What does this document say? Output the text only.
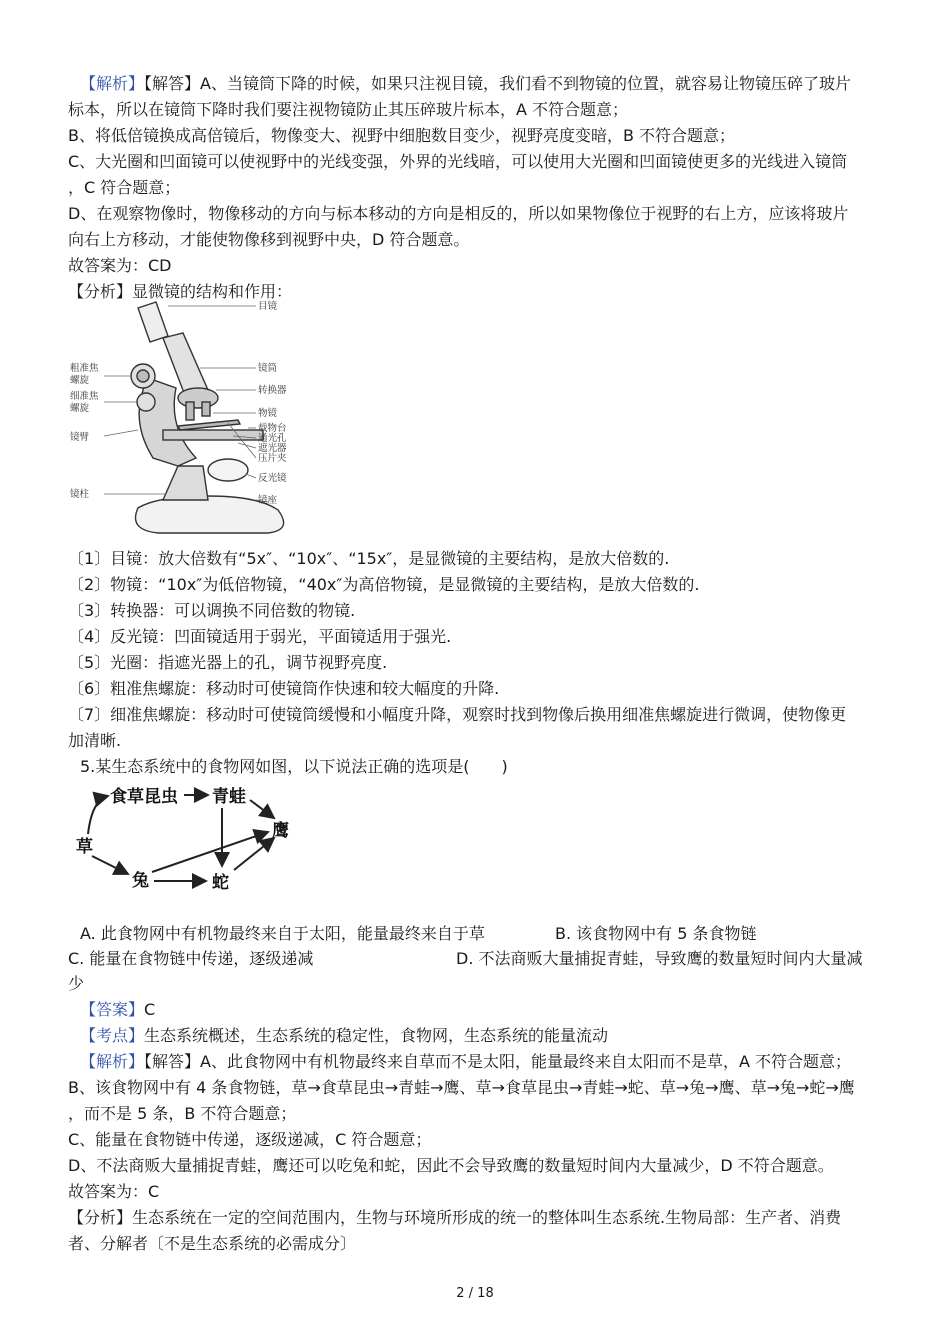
【解析】【解答】A、当镜筒下降的时候，如果只注视目镜，我们看不到物镜的位置，就容易让物镜压碎了玻片
标本，所以在镜筒下降时我们要注视物镜防止其压碎玻片标本，A 不符合题意；
B、将低倍镜换成高倍镜后，物像变大、视野中细胞数目变少，视野亮度变暗，B 不符合题意；
C、大光圈和凹面镜可以使视野中的光线变强，外界的光线暗，可以使用大光圈和凹面镜使更多的光线进入镜筒
，C 符合题意；
D、在观察物像时，物像移动的方向与标本移动的方向是相反的，所以如果物像位于视野的右上方，应该将玻片
向右上方移动，才能使物像移到视野中央，D 符合题意。
故答案为：CD
【分析】显微镜的结构和作用：
目镜
镜筒
转换器
物镜
载物台
通光孔
遮光器
压片夹
反光镜
镜座
粗准焦
螺旋
细准焦
螺旋
镜臂
镜柱
〔1〕目镜：放大倍数有“5x″、“10x″、“15x″，是显微镜的主要结构，是放大倍数的.
〔2〕物镜：“10x″为低倍物镜，“40x″为高倍物镜，是显微镜的主要结构，是放大倍数的.
〔3〕转换器：可以调换不同倍数的物镜.
〔4〕反光镜：凹面镜适用于弱光，平面镜适用于强光.
〔5〕光圈：指遮光器上的孔，调节视野亮度.
〔6〕粗准焦螺旋：移动时可使镜筒作快速和较大幅度的升降.
〔7〕细准焦螺旋：移动时可使镜筒缓慢和小幅度升降，观察时找到物像后换用细准焦螺旋进行微调，使物像更
加清晰.
5.某生态系统中的食物网如图，以下说法正确的选项是(　　)
食草昆虫 青蛙
草
鹰
兔	蛇
A. 此食物网中有机物最终来自于太阳，能量最终来自于草	B. 该食物网中有 5 条食物链
C. 能量在食物链中传递，逐级递减	D. 不法商贩大量捕捉青蛙，导致鹰的数量短时间内大量减
少
【答案】C
【考点】生态系统概述，生态系统的稳定性，食物网，生态系统的能量流动
【解析】【解答】A、此食物网中有机物最终来自草而不是太阳，能量最终来自太阳而不是草，A 不符合题意；
B、该食物网中有 4 条食物链，草→食草昆虫→青蛙→鹰、草→食草昆虫→青蛙→蛇、草→兔→鹰、草→兔→蛇→鹰
，而不是 5 条，B 不符合题意；
C、能量在食物链中传递，逐级递减，C 符合题意；
D、不法商贩大量捕捉青蛙，鹰还可以吃兔和蛇，因此不会导致鹰的数量短时间内大量减少，D 不符合题意。
故答案为：C
【分析】生态系统在一定的空间范围内，生物与环境所形成的统一的整体叫生态系统.生物局部：生产者、消费
者、分解者〔不是生态系统的必需成分〕
2 / 18
